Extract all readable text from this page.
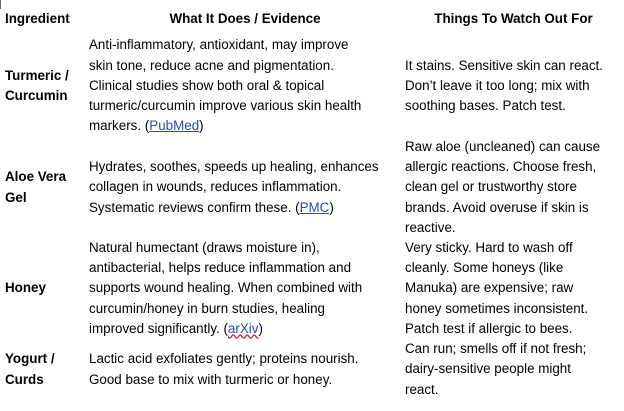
Ingredient	What It Does / Evidence	Things To Watch Out For

Turmeric /
Curcumin	Anti-inflammatory, antioxidant, may improve
skin tone, reduce acne and pigmentation.
Clinical studies show both oral & topical
turmeric/curcumin improve various skin health
markers. (PubMed)	It stains. Sensitive skin can react.
Don’t leave it too long; mix with
soothing bases. Patch test.

Aloe Vera
Gel	Hydrates, soothes, speeds up healing, enhances
collagen in wounds, reduces inflammation.
Systematic reviews confirm these. (PMC)	Raw aloe (uncleaned) can cause
allergic reactions. Choose fresh,
clean gel or trustworthy store
brands. Avoid overuse if skin is
reactive.

Honey	Natural humectant (draws moisture in),
antibacterial, helps reduce inflammation and
supports wound healing. When combined with
curcumin/honey in burn studies, healing
improved significantly. (arXiv)	Very sticky. Hard to wash off
cleanly. Some honeys (like
Manuka) are expensive; raw
honey sometimes inconsistent.
Patch test if allergic to bees.

Yogurt /
Curds	Lactic acid exfoliates gently; proteins nourish.
Good base to mix with turmeric or honey.	Can run; smells off if not fresh;
dairy-sensitive people might
react.
